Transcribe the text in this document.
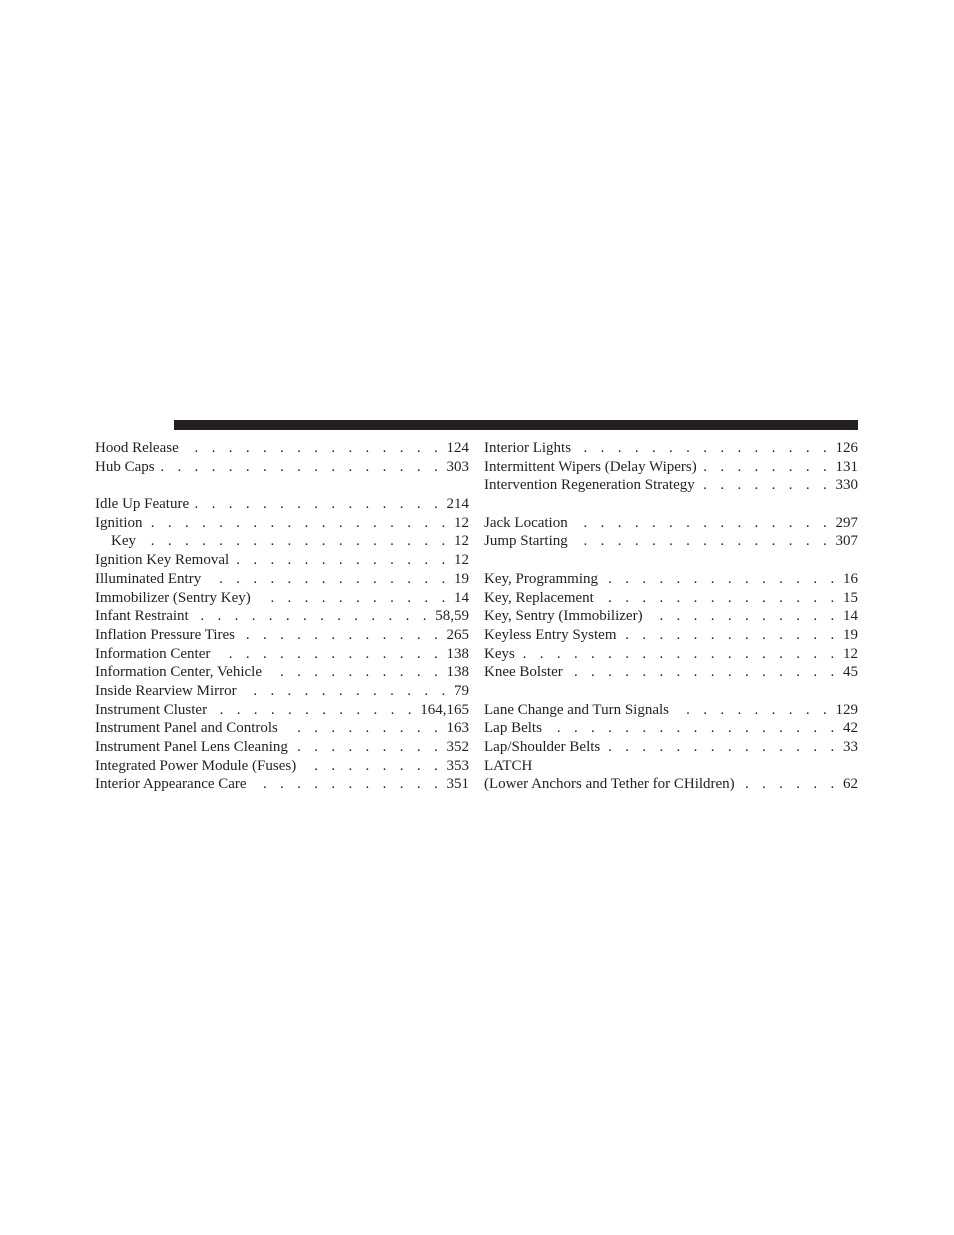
Hood Release . . .	124
Hub Caps . . .	303
Idle Up Feature . . .	214
Ignition . . .	12
Key . . .	12
Ignition Key Removal . . .	12
Illuminated Entry . . .	19
Immobilizer (Sentry Key) . . .	14
Infant Restraint . . .	58,59
Inflation Pressure Tires . . .	265
Information Center . . .	138
Information Center, Vehicle . . .	138
Inside Rearview Mirror . . .	79
Instrument Cluster . . .	164,165
Instrument Panel and Controls . . .	163
Instrument Panel Lens Cleaning . . .	352
Integrated Power Module (Fuses) . . .	353
Interior Appearance Care . . .	351
Interior Lights . . .	126
Intermittent Wipers (Delay Wipers) . . .	131
Intervention Regeneration Strategy . . .	330
Jack Location . . .	297
Jump Starting . . .	307
Key, Programming . . .	16
Key, Replacement . . .	15
Key, Sentry (Immobilizer) . . .	14
Keyless Entry System . . .	19
Keys . . .	12
Knee Bolster . . .	45
Lane Change and Turn Signals . . .	129
Lap Belts . . .	42
Lap/Shoulder Belts . . .	33
LATCH
(Lower Anchors and Tether for CHildren) . . .	62
